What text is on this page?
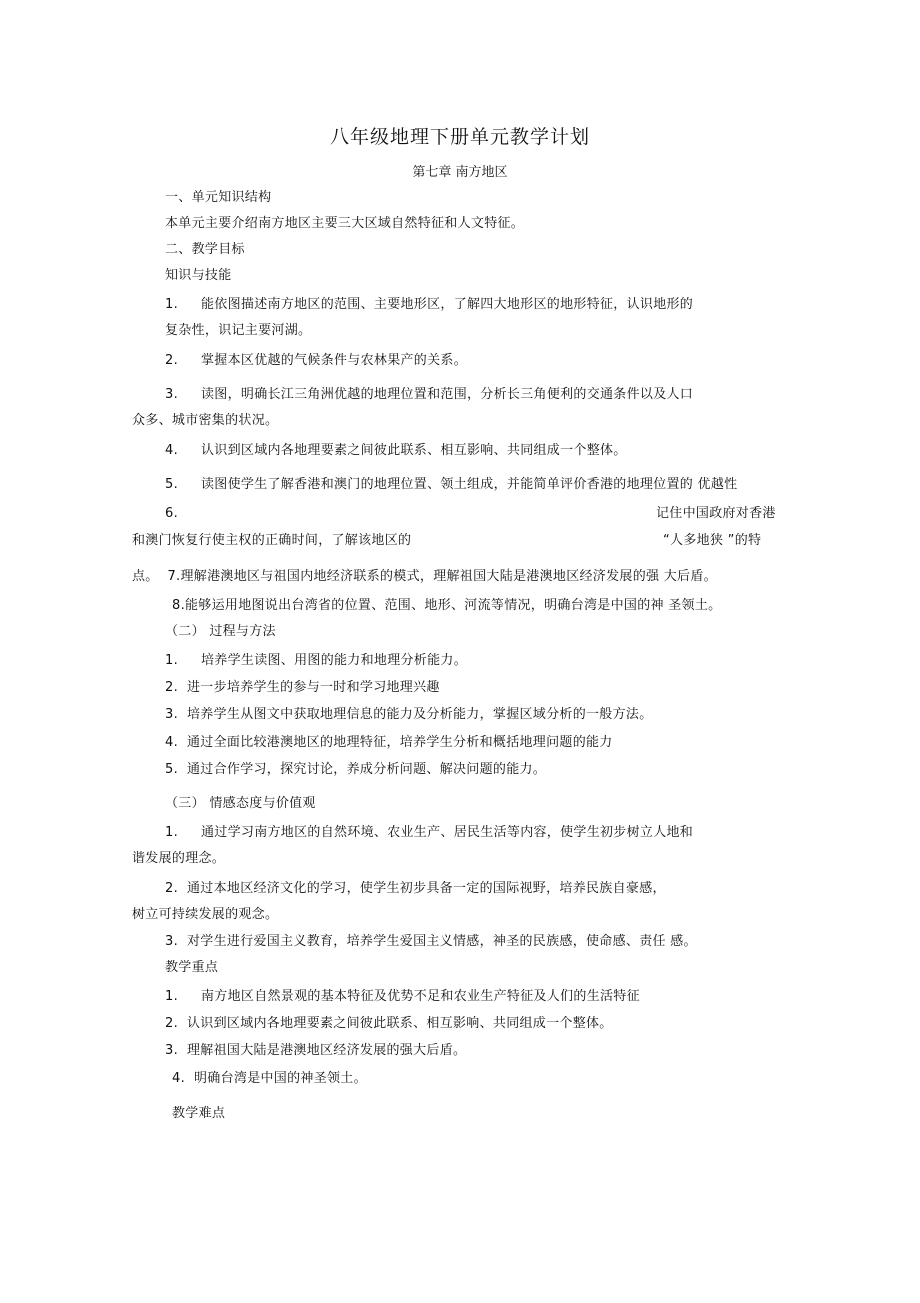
八年级地理下册单元教学计划
第七章 南方地区
一、单元知识结构
本单元主要介绍南方地区主要三大区域自然特征和人文特征。
二、教学目标
知识与技能
1. 能依图描述南方地区的范围、主要地形区，了解四大地形区的地形特征，认识地形的
复杂性，识记主要河湖。
2. 掌握本区优越的气候条件与农林果产的关系。
3. 读图，明确长江三角洲优越的地理位置和范围，分析长三角便利的交通条件以及人口
众多、城市密集的状况。
4. 认识到区域内各地理要素之间彼此联系、相互影响、共同组成一个整体。
5. 读图使学生了解香港和澳门的地理位置、领土组成，并能简单评价香港的地理位置的 优越性
6.	记住中国政府对香港
和澳门恢复行使主权的正确时间，了解该地区的	“人多地狭 ”的特
点。 7.理解港澳地区与祖国内地经济联系的模式，理解祖国大陆是港澳地区经济发展的强 大后盾。
8.能够运用地图说出台湾省的位置、范围、地形、河流等情况，明确台湾是中国的神 圣领土。
（二） 过程与方法
1. 培养学生读图、用图的能力和地理分析能力。
2. 进一步培养学生的参与一时和学习地理兴趣
3. 培养学生从图文中获取地理信息的能力及分析能力，掌握区域分析的一般方法。
4. 通过全面比较港澳地区的地理特征，培养学生分析和概括地理问题的能力
5. 通过合作学习，探究讨论，养成分析问题、解决问题的能力。
（三） 情感态度与价值观
1. 通过学习南方地区的自然环境、农业生产、居民生活等内容，使学生初步树立人地和
谐发展的理念。
2. 通过本地区经济文化的学习，使学生初步具备一定的国际视野，培养民族自豪感，
树立可持续发展的观念。
3. 对学生进行爱国主义教育，培养学生爱国主义情感，神圣的民族感，使命感、责任 感。
教学重点
1. 南方地区自然景观的基本特征及优势不足和农业生产特征及人们的生活特征
2. 认识到区域内各地理要素之间彼此联系、相互影响、共同组成一个整体。
3. 理解祖国大陆是港澳地区经济发展的强大后盾。
4. 明确台湾是中国的神圣领土。
教学难点
